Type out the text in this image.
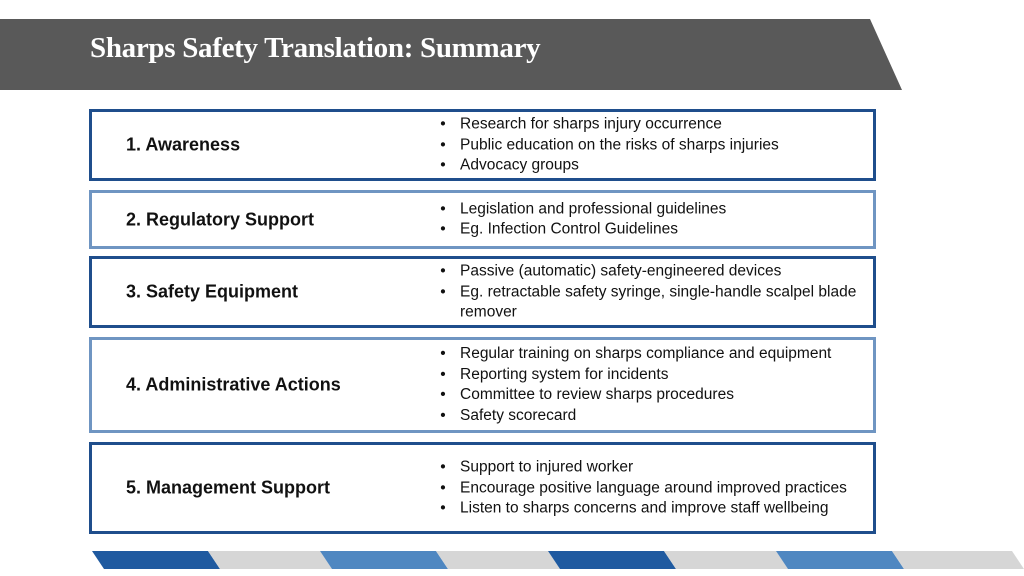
Sharps Safety Translation: Summary
1. Awareness
• Research for sharps injury occurrence
• Public education on the risks of sharps injuries
• Advocacy groups
2. Regulatory Support
• Legislation and professional guidelines
• Eg. Infection Control Guidelines
3. Safety Equipment
• Passive (automatic) safety-engineered devices
• Eg. retractable safety syringe, single-handle scalpel blade remover
4. Administrative Actions
• Regular training on sharps compliance and equipment
• Reporting system for incidents
• Committee to review sharps procedures
• Safety scorecard
5. Management Support
• Support to injured worker
• Encourage positive language around improved practices
• Listen to sharps concerns and improve staff wellbeing
